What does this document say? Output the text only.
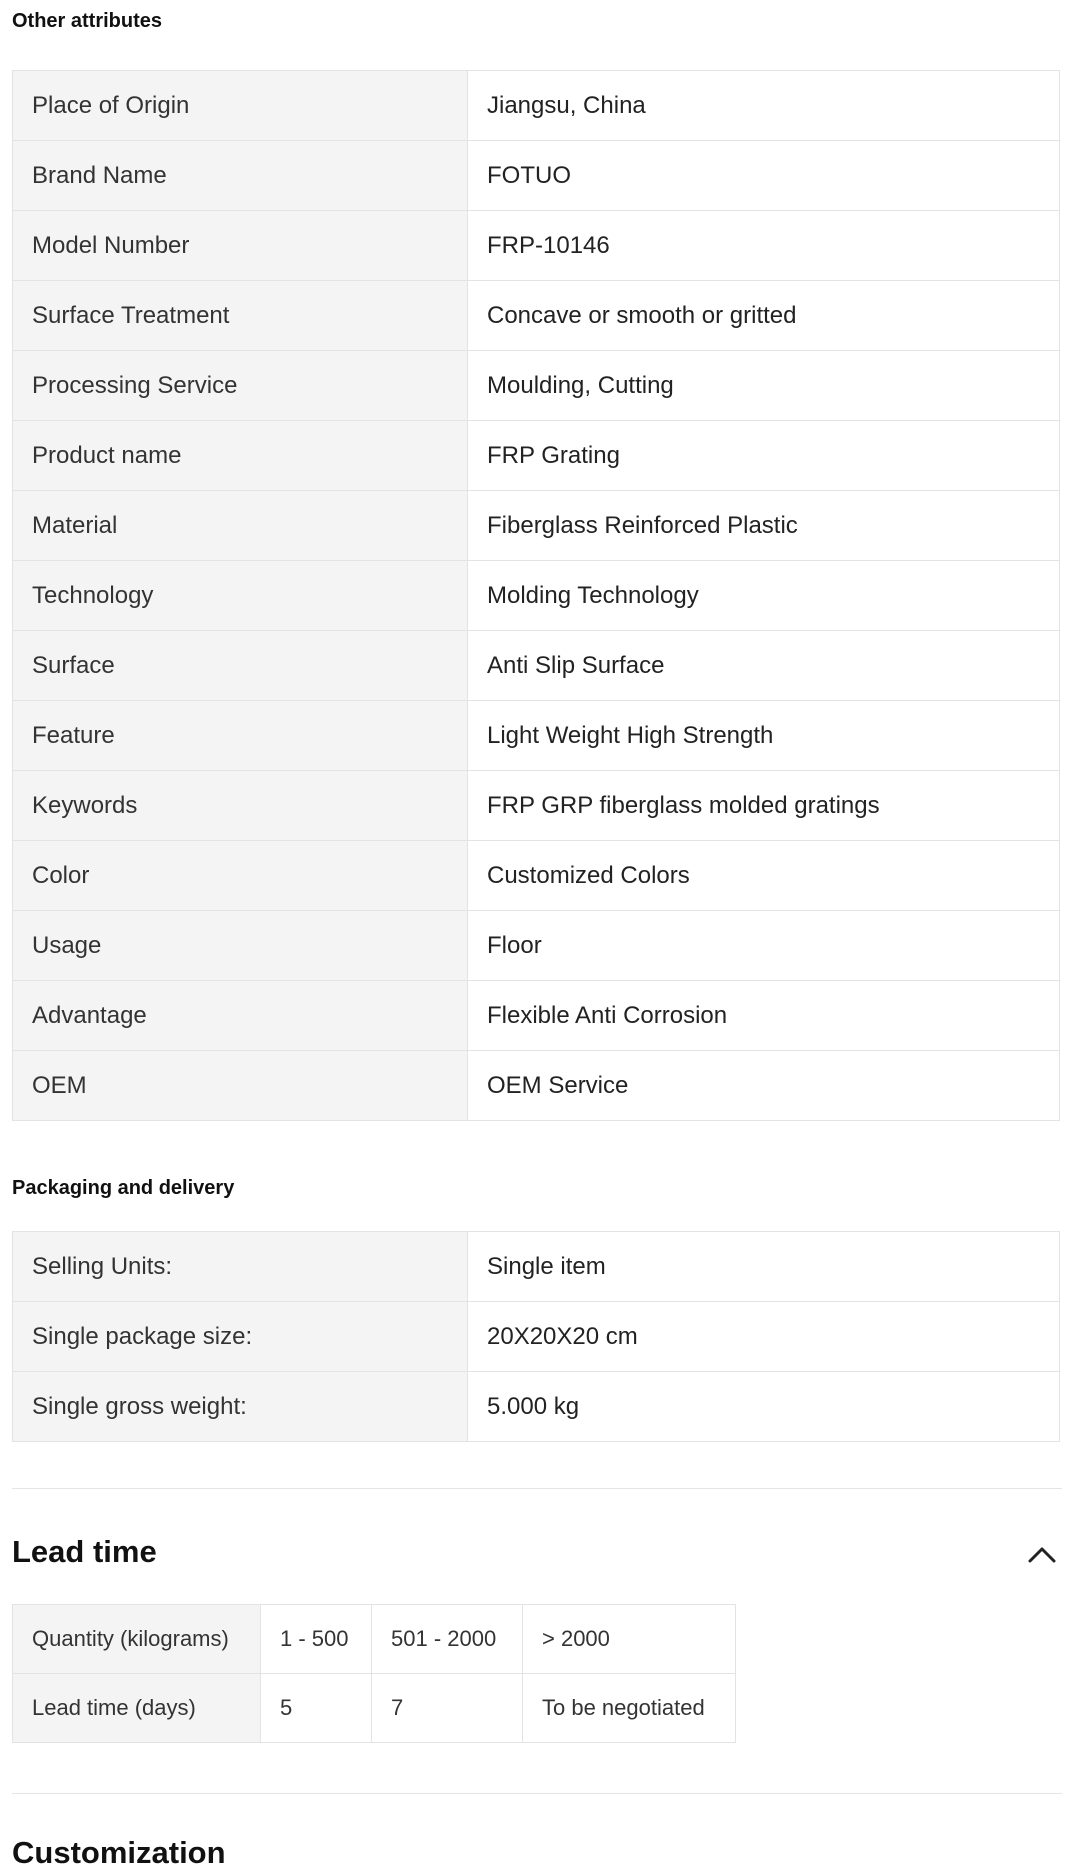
Other attributes
Place of Origin	Jiangsu, China
Brand Name	FOTUO
Model Number	FRP-10146
Surface Treatment	Concave or smooth or gritted
Processing Service	Moulding, Cutting
Product name	FRP Grating
Material	Fiberglass Reinforced Plastic
Technology	Molding Technology
Surface	Anti Slip Surface
Feature	Light Weight High Strength
Keywords	FRP GRP fiberglass molded gratings
Color	Customized Colors
Usage	Floor
Advantage	Flexible Anti Corrosion
OEM	OEM Service
Packaging and delivery
Selling Units:	Single item
Single package size:	20X20X20 cm
Single gross weight:	5.000 kg
Lead time
Quantity (kilograms)	1 - 500	501 - 2000	> 2000
Lead time (days)	5	7	To be negotiated
Customization
